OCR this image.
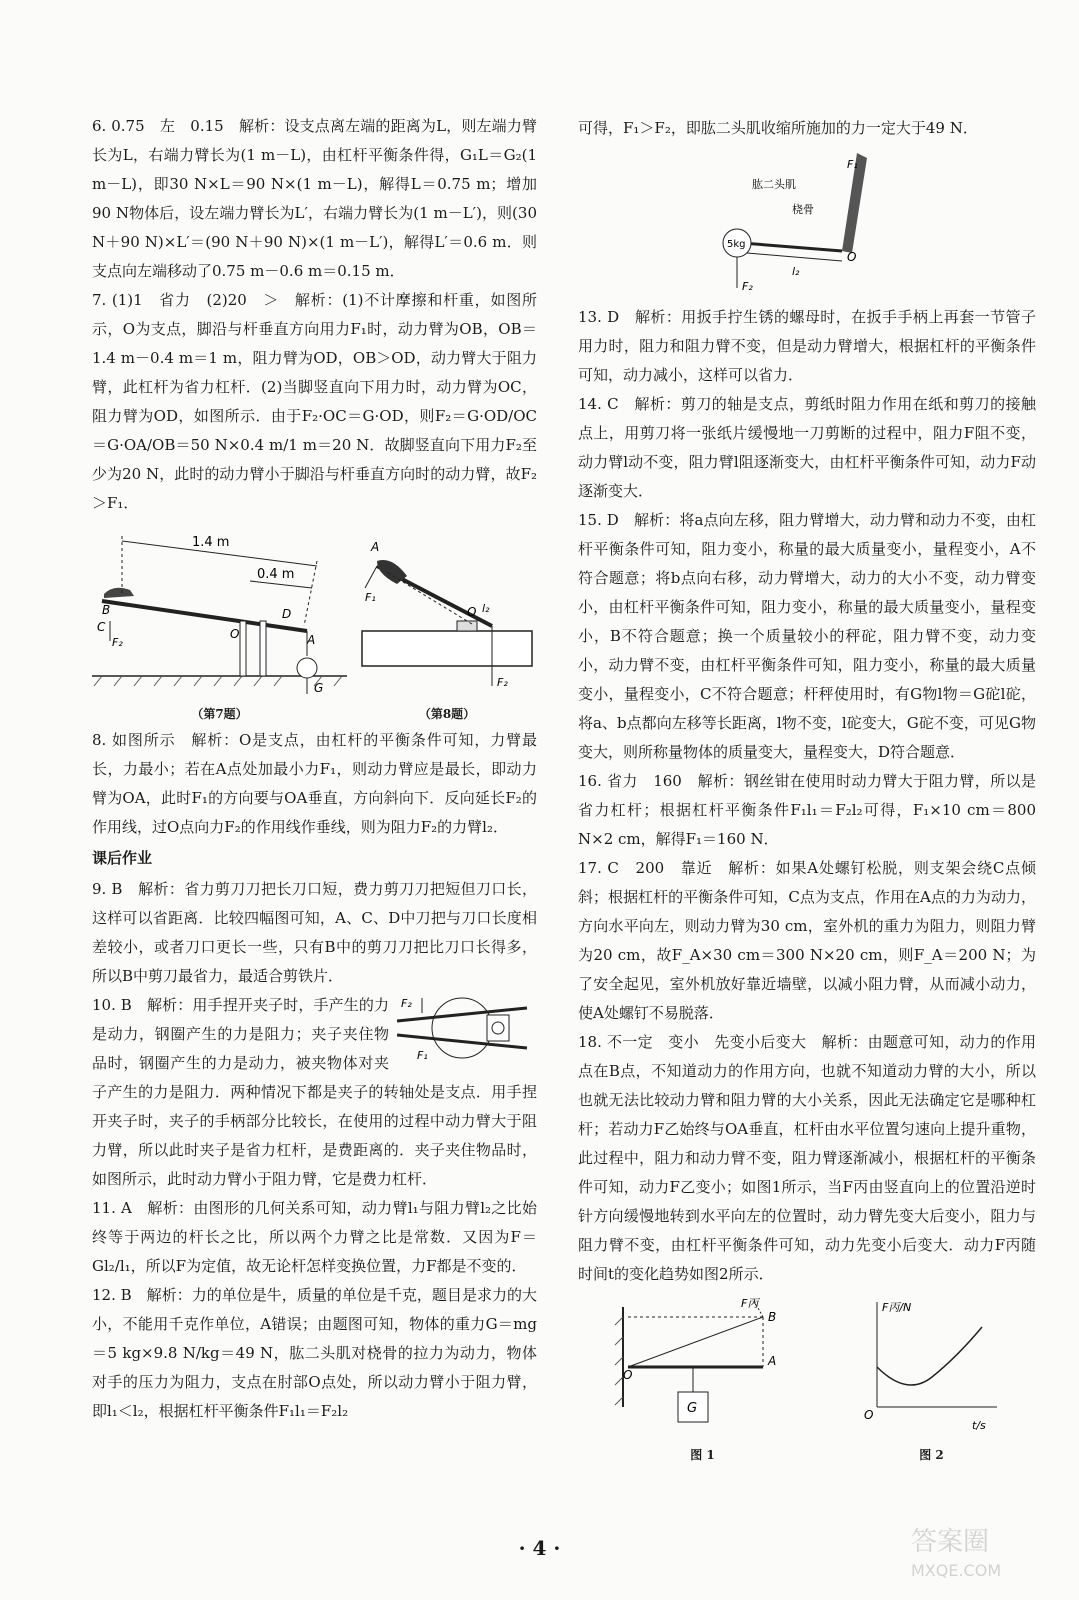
6. 0.75　左　0.15　解析：设支点离左端的距离为L，则左端力臂长为L，右端力臂长为(1 m－L)，由杠杆平衡条件得，G₁L＝G₂(1 m－L)，即30 N×L＝90 N×(1 m－L)，解得L＝0.75 m；增加90 N物体后，设左端力臂长为L′，右端力臂长为(1 m－L′)，则(30 N＋90 N)×L′＝(90 N＋90 N)×(1 m－L′)，解得L′＝0.6 m．则支点向左端移动了0.75 m－0.6 m＝0.15 m．

7. (1)1　省力　(2)20　＞　解析：(1)不计摩擦和杆重，如图所示，O为支点，脚沿与杆垂直方向用力F₁时，动力臂为OB，OB＝1.4 m－0.4 m＝1 m，阻力臂为OD，OB＞OD，动力臂大于阻力臂，此杠杆为省力杠杆．(2)当脚竖直向下用力时，动力臂为OC，阻力臂为OD，如图所示．由于F₂·OC＝G·OD，则F₂＝G·OD/OC＝G·OA/OB＝50 N×0.4 m/1 m＝20 N．故脚竖直向下用力F₂至少为20 N，此时的动力臂小于脚沿与杆垂直方向时的动力臂，故F₂＞F₁．

1.4 m
0.4 m
B
C
F₂
O
D
A
G
（第7题）
A
F₁
O l₂
F₂
（第8题）

8. 如图所示　解析：O是支点，由杠杆的平衡条件可知，力臂最长，力最小；若在A点处加最小力F₁，则动力臂应是最长，即动力臂为OA，此时F₁的方向要与OA垂直，方向斜向下．反向延长F₂的作用线，过O点向力F₂的作用线作垂线，则为阻力F₂的力臂l₂．

课后作业

9. B　解析：省力剪刀刀把长刀口短，费力剪刀刀把短但刀口长，这样可以省距离．比较四幅图可知，A、C、D中刀把与刀口长度相差较小，或者刀口更长一些，只有B中的剪刀刀把比刀口长得多，所以B中剪刀最省力，最适合剪铁片．

F₂
F₁

10. B　解析：用手捏开夹子时，手产生的力是动力，钢圈产生的力是阻力；夹子夹住物品时，钢圈产生的力是动力，被夹物体对夹子产生的力是阻力．两种情况下都是夹子的转轴处是支点．用手捏开夹子时，夹子的手柄部分比较长，在使用的过程中动力臂大于阻力臂，所以此时夹子是省力杠杆，是费距离的．夹子夹住物品时，如图所示，此时动力臂小于阻力臂，它是费力杠杆．

11. A　解析：由图形的几何关系可知，动力臂l₁与阻力臂l₂之比始终等于两边的杆长之比，所以两个力臂之比是常数．又因为F＝Gl₂/l₁，所以F为定值，故无论杆怎样变换位置，力F都是不变的．

12. B　解析：力的单位是牛，质量的单位是千克，题目是求力的大小，不能用千克作单位，A错误；由题图可知，物体的重力G＝mg＝5 kg×9.8 N/kg＝49 N，肱二头肌对桡骨的拉力为动力，物体对手的压力为阻力，支点在肘部O点处，所以动力臂小于阻力臂，即l₁＜l₂，根据杠杆平衡条件F₁l₁＝F₂l₂

可得，F₁＞F₂，即肱二头肌收缩所施加的力一定大于49 N．

5kg
F₁
肱二头肌
桡骨
O
l₂
F₂

13. D　解析：用扳手拧生锈的螺母时，在扳手手柄上再套一节管子用力时，阻力和阻力臂不变，但是动力臂增大，根据杠杆的平衡条件可知，动力减小，这样可以省力．

14. C　解析：剪刀的轴是支点，剪纸时阻力作用在纸和剪刀的接触点上，用剪刀将一张纸片缓慢地一刀剪断的过程中，阻力F阻不变，动力臂l动不变，阻力臂l阻逐渐变大，由杠杆平衡条件可知，动力F动逐渐变大．

15. D　解析：将a点向左移，阻力臂增大，动力臂和动力不变，由杠杆平衡条件可知，阻力变小，称量的最大质量变小，量程变小，A不符合题意；将b点向右移，动力臂增大，动力的大小不变，动力臂变小，由杠杆平衡条件可知，阻力变小，称量的最大质量变小，量程变小，B不符合题意；换一个质量较小的秤砣，阻力臂不变，动力变小，动力臂不变，由杠杆平衡条件可知，阻力变小，称量的最大质量变小，量程变小，C不符合题意；杆秤使用时，有G物l物＝G砣l砣，将a、b点都向左移等长距离，l物不变，l砣变大，G砣不变，可见G物变大，则所称量物体的质量变大，量程变大，D符合题意．

16. 省力　160　解析：钢丝钳在使用时动力臂大于阻力臂，所以是省力杠杆；根据杠杆平衡条件F₁l₁＝F₂l₂可得，F₁×10 cm＝800 N×2 cm，解得F₁＝160 N．

17. C　200　靠近　解析：如果A处螺钉松脱，则支架会绕C点倾斜；根据杠杆的平衡条件可知，C点为支点，作用在A点的力为动力，方向水平向左，则动力臂为30 cm，室外机的重力为阻力，则阻力臂为20 cm，故F_A×30 cm＝300 N×20 cm，则F_A＝200 N；为了安全起见，室外机放好靠近墙壁，以减小阻力臂，从而减小动力，使A处螺钉不易脱落．

18. 不一定　变小　先变小后变大　解析：由题意可知，动力的作用点在B点，不知道动力的作用方向，也就不知道动力臂的大小，所以也就无法比较动力臂和阻力臂的大小关系，因此无法确定它是哪种杠杆；若动力F乙始终与OA垂直，杠杆由水平位置匀速向上提升重物，此过程中，阻力和动力臂不变，阻力臂逐渐减小，根据杠杆的平衡条件可知，动力F乙变小；如图1所示，当F丙由竖直向上的位置沿逆时针方向缓慢地转到水平向左的位置时，动力臂先变大后变小，阻力与阻力臂不变，由杠杆平衡条件可知，动力先变小后变大．动力F丙随时间t的变化趋势如图2所示．

O
A
B
F丙
G
图 1
F丙/N
t/s
O
图 2
· 4 ·	答案圈
MXQE.COM
